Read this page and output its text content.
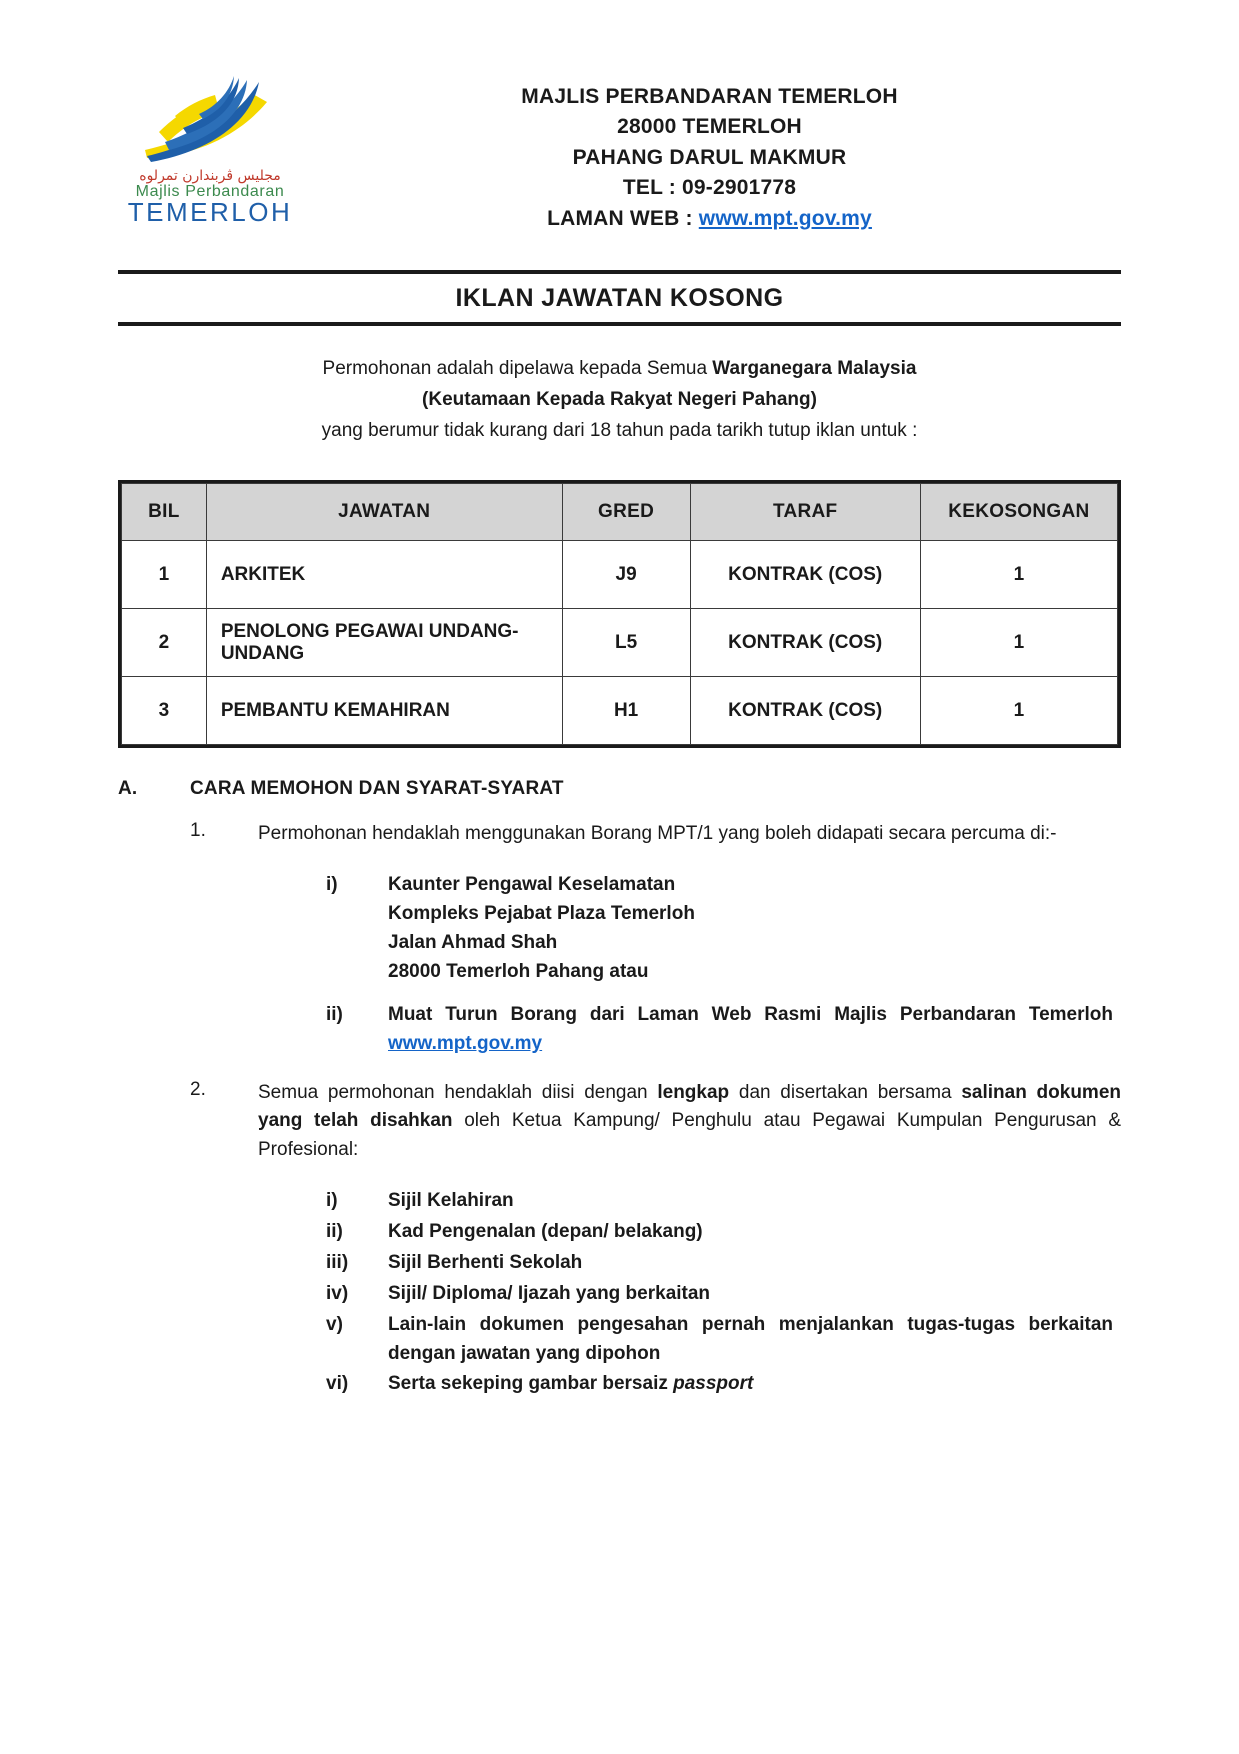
مجليس ڤربندارن تمرلوه
Majlis Perbandaran
TEMERLOH
MAJLIS PERBANDARAN TEMERLOH
28000 TEMERLOH
PAHANG DARUL MAKMUR
TEL : 09-2901778
LAMAN WEB : www.mpt.gov.my
IKLAN JAWATAN KOSONG
Permohonan adalah dipelawa kepada Semua Warganegara Malaysia
(Keutamaan Kepada Rakyat Negeri Pahang)
yang berumur tidak kurang dari 18 tahun pada tarikh tutup iklan untuk :
BIL	JAWATAN	GRED	TARAF	KEKOSONGAN
1	ARKITEK	J9	KONTRAK (COS)	1
2	PENOLONG PEGAWAI UNDANG-UNDANG	L5	KONTRAK (COS)	1
3	PEMBANTU KEMAHIRAN	H1	KONTRAK (COS)	1
A.	CARA MEMOHON DAN SYARAT-SYARAT
1.	Permohonan hendaklah menggunakan Borang MPT/1 yang boleh didapati secara percuma di:-
i)	Kaunter Pengawal Keselamatan
Kompleks Pejabat Plaza Temerloh
Jalan Ahmad Shah
28000 Temerloh Pahang atau
ii)	Muat Turun Borang dari Laman Web Rasmi Majlis Perbandaran Temerloh www.mpt.gov.my
2.	Semua permohonan hendaklah diisi dengan lengkap dan disertakan bersama salinan dokumen yang telah disahkan oleh Ketua Kampung/ Penghulu atau Pegawai Kumpulan Pengurusan & Profesional:
i)	Sijil Kelahiran
ii)	Kad Pengenalan (depan/ belakang)
iii)	Sijil Berhenti Sekolah
iv)	Sijil/ Diploma/ Ijazah yang berkaitan
v)	Lain-lain dokumen pengesahan pernah menjalankan tugas-tugas berkaitan dengan jawatan yang dipohon
vi)	Serta sekeping gambar bersaiz passport
